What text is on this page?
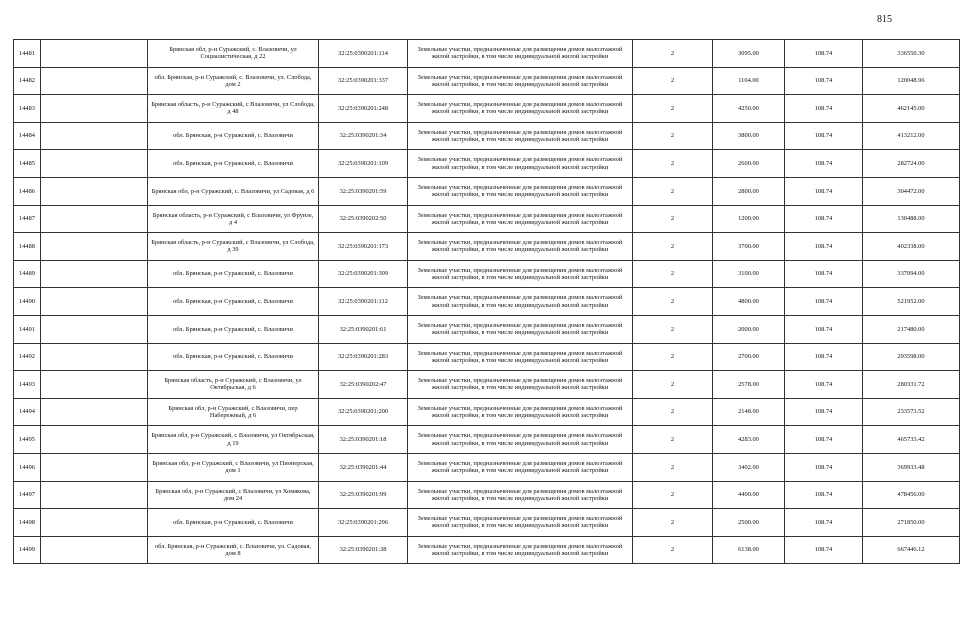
815
14481		Брянская обл, р-н Суражский, с. Влазовичи, ул Социалистическая, д 22	32:25:0390201:114	Земельные участки, предназначенные для размещения домов малоэтажной жилой застройки, в том числе индивидуальной жилой застройки	2	3095.00	108.74	336550.30
14482		обл. Брянская, р-н Суражский, с. Влазовичи, ул. Слобода, дом 2	32:25:0390201:337	Земельные участки, предназначенные для размещения домов малоэтажной жилой застройки, в том числе индивидуальной жилой застройки	2	1104.00	108.74	120048.96
14483		Брянская область, р-н Суражский, с Влазовичи, ул Слобода, д 48	32:25:0390201:248	Земельные участки, предназначенные для размещения домов малоэтажной жилой застройки, в том числе индивидуальной жилой застройки	2	4250.00	108.74	462145.00
14484		обл. Брянская, р-н Суражский, с. Влазовичи	32:25:0390201:34	Земельные участки, предназначенные для размещения домов малоэтажной жилой застройки, в том числе индивидуальной жилой застройки	2	3800.00	108.74	413212.00
14485		обл. Брянская, р-н Суражский, с. Влазовичи	32:25:0390201:109	Земельные участки, предназначенные для размещения домов малоэтажной жилой застройки, в том числе индивидуальной жилой застройки	2	2600.00	108.74	282724.00
14486		Брянская обл, р-н Суражский, с. Влазовичи, ул Садовая, д 6	32:25:0390201:59	Земельные участки, предназначенные для размещения домов малоэтажной жилой застройки, в том числе индивидуальной жилой застройки	2	2800.00	108.74	304472.00
14487		Брянская область, р-н Суражский, с Влазовичи, ул Фрунзе, д 4	32:25:0390202:50	Земельные участки, предназначенные для размещения домов малоэтажной жилой застройки, в том числе индивидуальной жилой застройки	2	1200.00	108.74	130488.00
14488		Брянская область, р-н Суражский, с Влазовичи, ул Слобода, д 39	32:25:0390201:173	Земельные участки, предназначенные для размещения домов малоэтажной жилой застройки, в том числе индивидуальной жилой застройки	2	3700.00	108.74	402338.00
14489		обл. Брянская, р-н Суражский, с. Влазовичи	32:25:0390201:309	Земельные участки, предназначенные для размещения домов малоэтажной жилой застройки, в том числе индивидуальной жилой застройки	2	3100.00	108.74	337094.00
14490		обл. Брянская, р-н Суражский, с. Влазовичи	32:25:0390201:112	Земельные участки, предназначенные для размещения домов малоэтажной жилой застройки, в том числе индивидуальной жилой застройки	2	4800.00	108.74	521952.00
14491		обл. Брянская, р-н Суражский, с. Влазовичи	32:25:0390201:61	Земельные участки, предназначенные для размещения домов малоэтажной жилой застройки, в том числе индивидуальной жилой застройки	2	2000.00	108.74	217480.00
14492		обл. Брянская, р-н Суражский, с. Влазовичи	32:25:0390201:283	Земельные участки, предназначенные для размещения домов малоэтажной жилой застройки, в том числе индивидуальной жилой застройки	2	2700.00	108.74	293598.00
14493		Брянская область, р-н Суражский, с Влазовичи, ул Октябрьская, д 6	32:25:0390202:47	Земельные участки, предназначенные для размещения домов малоэтажной жилой застройки, в том числе индивидуальной жилой застройки	2	2578.00	108.74	280331.72
14494		Брянская обл, р-н Суражский, с Влазовичи, пер Набережный, д 6	32:25:0390201:200	Земельные участки, предназначенные для размещения домов малоэтажной жилой застройки, в том числе индивидуальной жилой застройки	2	2148.00	108.74	233573.52
14495		Брянская обл, р-н Суражский, с Влазовичи, ул Октябрьская, д 19	32:25:0390201:18	Земельные участки, предназначенные для размещения домов малоэтажной жилой застройки, в том числе индивидуальной жилой застройки	2	4283.00	108.74	465733.42
14496		Брянская обл, р-н Суражский, с Влазовичи, ул Пионерская, дом 1	32:25:0390201:44	Земельные участки, предназначенные для размещения домов малоэтажной жилой застройки, в том числе индивидуальной жилой застройки	2	3402.00	108.74	369933.48
14497		Брянская обл, р-н Суражский, с Влазовичи, ул Хомякова, дом 24	32:25:0390201:99	Земельные участки, предназначенные для размещения домов малоэтажной жилой застройки, в том числе индивидуальной жилой застройки	2	4400.00	108.74	478456.00
14498		обл. Брянская, р-н Суражский, с. Влазовичи	32:25:0390201:296	Земельные участки, предназначенные для размещения домов малоэтажной жилой застройки, в том числе индивидуальной жилой застройки	2	2500.00	108.74	271850.00
14499		обл. Брянская, р-н Суражский, с. Влазовичи, ул. Садовая, дом 8	32:25:0390201:38	Земельные участки, предназначенные для размещения домов малоэтажной жилой застройки, в том числе индивидуальной жилой застройки	2	6138.00	108.74	667446.12
